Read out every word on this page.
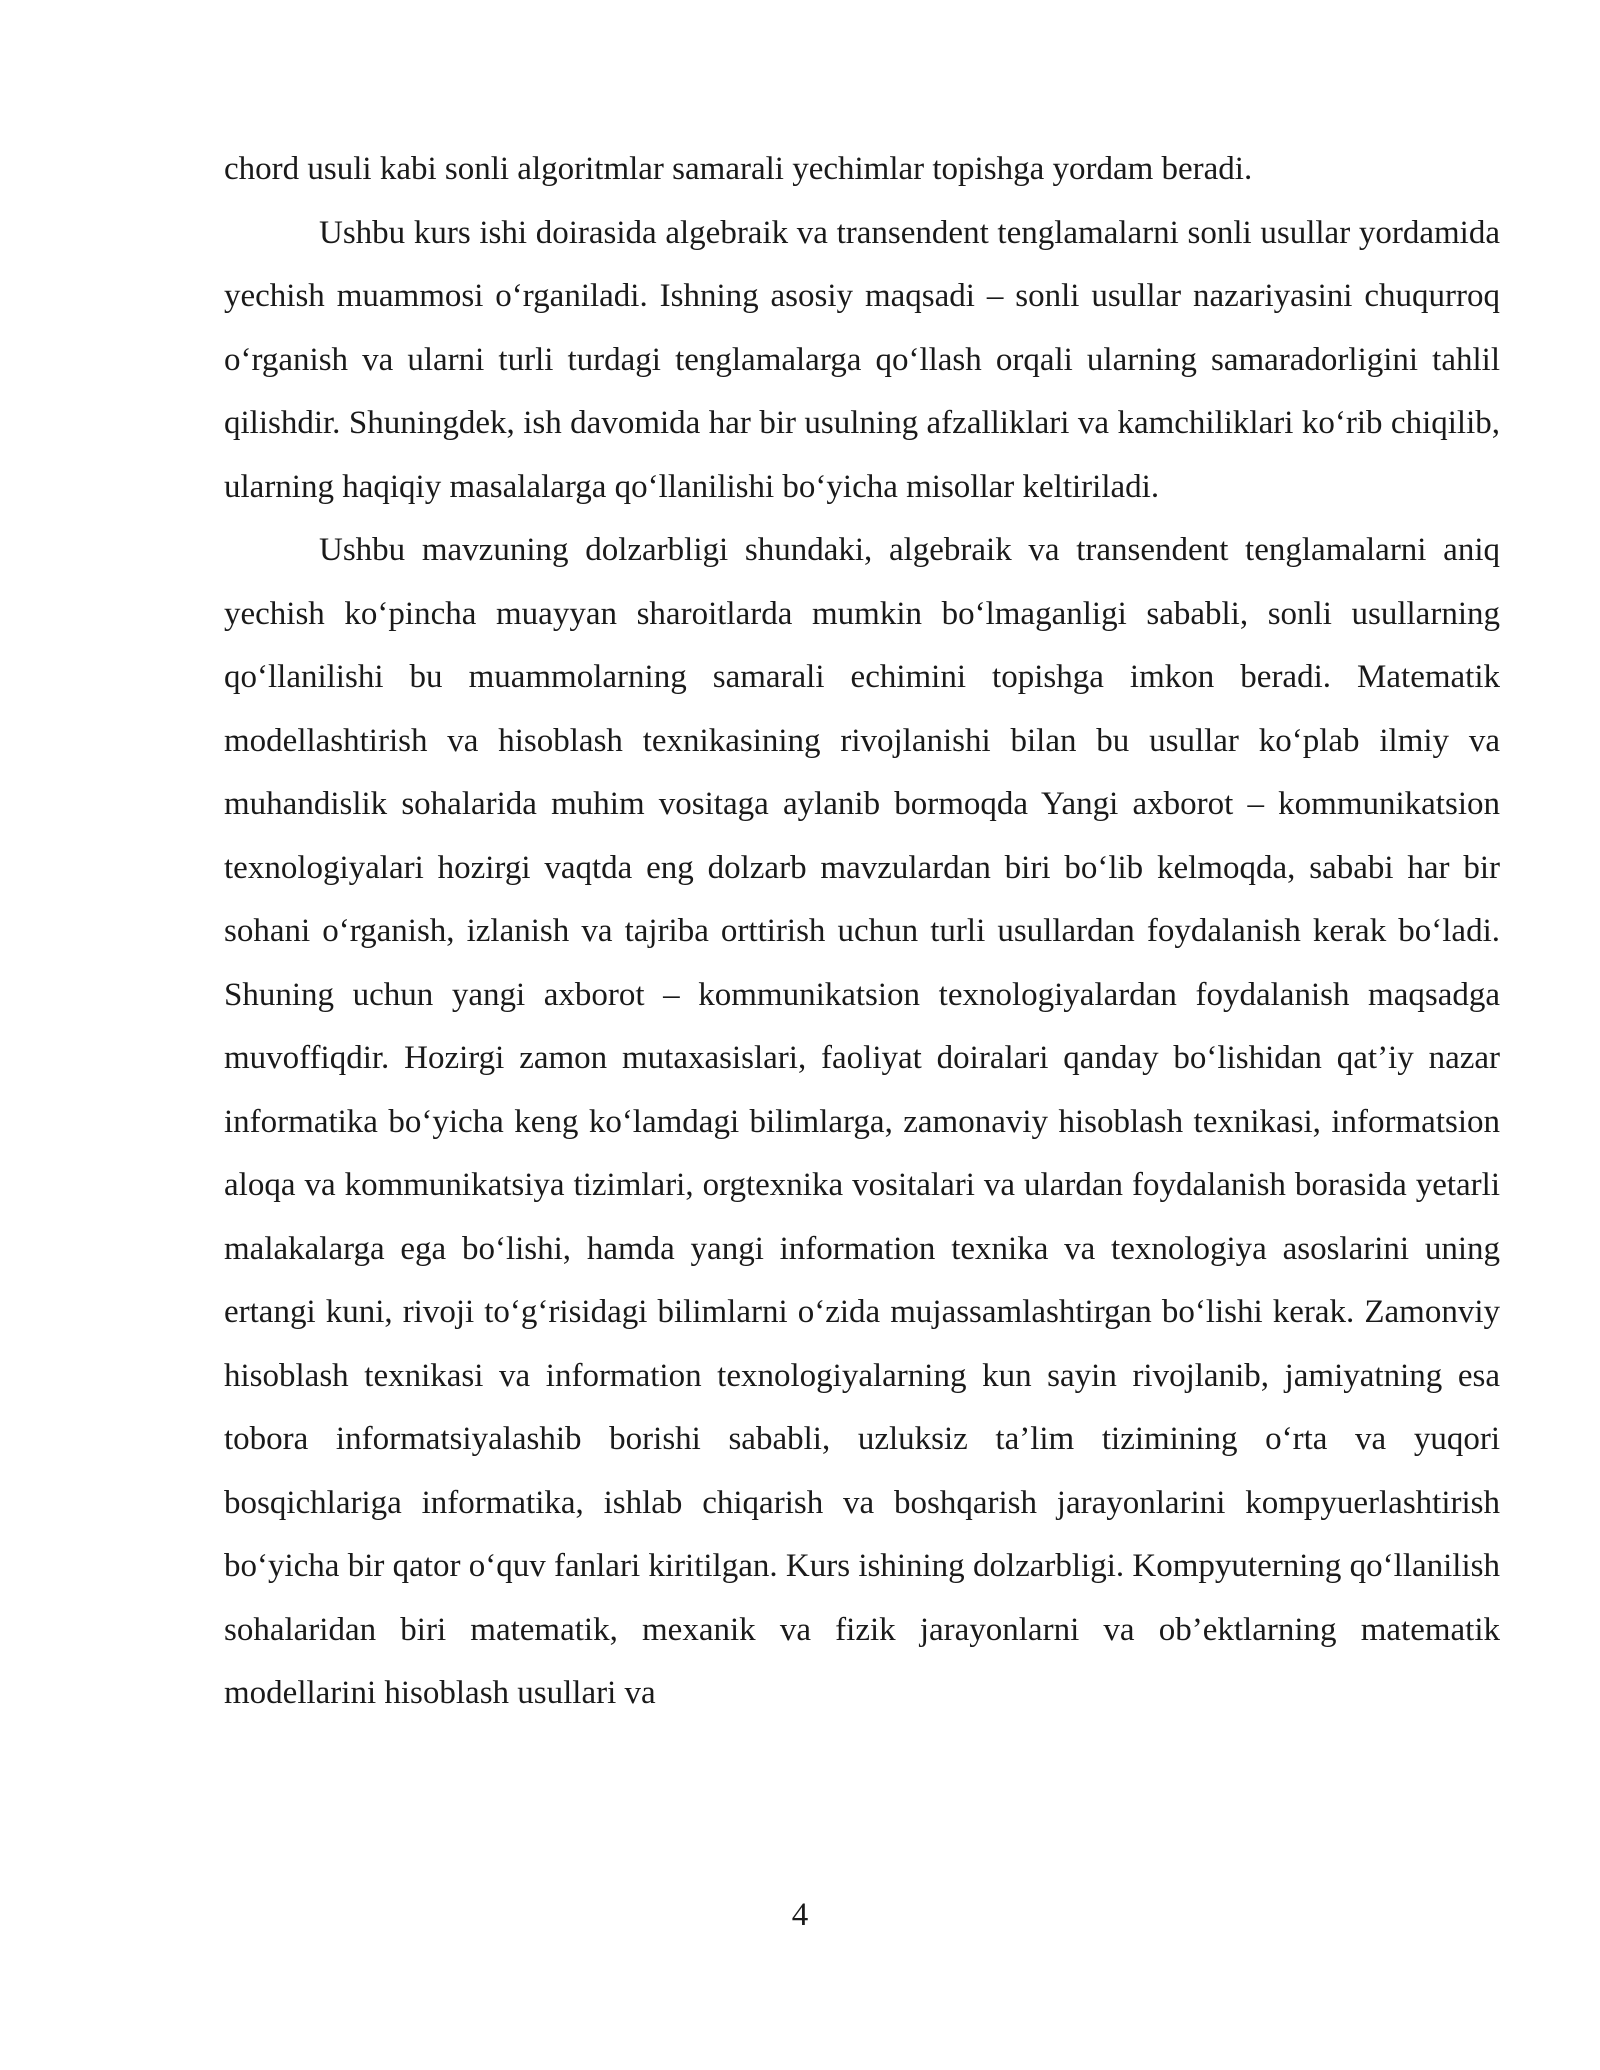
chord usuli kabi sonli algoritmlar samarali yechimlar topishga yordam beradi.

Ushbu kurs ishi doirasida algebraik va transendent tenglamalarni sonli usullar yordamida yechish muammosi o‘rganiladi. Ishning asosiy maqsadi – sonli usullar nazariyasini chuqurroq o‘rganish va ularni turli turdagi tenglamalarga qo‘llash orqali ularning samaradorligini tahlil qilishdir. Shuningdek, ish davomida har bir usulning afzalliklari va kamchiliklari ko‘rib chiqilib, ularning haqiqiy masalalarga qo‘llanilishi bo‘yicha misollar keltiriladi.

Ushbu mavzuning dolzarbligi shundaki, algebraik va transendent tenglamalarni aniq yechish ko‘pincha muayyan sharoitlarda mumkin bo‘lmaganligi sababli, sonli usullarning qo‘llanilishi bu muammolarning samarali echimini topishga imkon beradi. Matematik modellashtirish va hisoblash texnikasining rivojlanishi bilan bu usullar ko‘plab ilmiy va muhandislik sohalarida muhim vositaga aylanib bormoqda Yangi axborot – kommunikatsion texnologiyalari hozirgi vaqtda eng dolzarb mavzulardan biri bo‘lib kelmoqda, sababi har bir sohani o‘rganish, izlanish va tajriba orttirish uchun turli usullardan foydalanish kerak bo‘ladi. Shuning uchun yangi axborot – kommunikatsion texnologiyalardan foydalanish maqsadga muvoffiqdir. Hozirgi zamon mutaxasislari, faoliyat doiralari qanday bo‘lishidan qat’iy nazar informatika bo‘yicha keng ko‘lamdagi bilimlarga, zamonaviy hisoblash texnikasi, informatsion aloqa va kommunikatsiya tizimlari, orgtexnika vositalari va ulardan foydalanish borasida yetarli malakalarga ega bo‘lishi, hamda yangi information texnika va texnologiya asoslarini uning ertangi kuni, rivoji to‘g‘risidagi bilimlarni o‘zida mujassamlashtirgan bo‘lishi kerak. Zamonviy hisoblash texnikasi va information texnologiyalarning kun sayin rivojlanib, jamiyatning esa tobora informatsiyalashib borishi sababli, uzluksiz ta’lim tizimining o‘rta va yuqori bosqichlariga informatika, ishlab chiqarish va boshqarish jarayonlarini kompyuerlashtirish bo‘yicha bir qator o‘quv fanlari kiritilgan. Kurs ishining dolzarbligi. Kompyuterning qo‘llanilish sohalaridan biri matematik, mexanik va fizik jarayonlarni va ob’ektlarning matematik modellarini hisoblash usullari va

4
